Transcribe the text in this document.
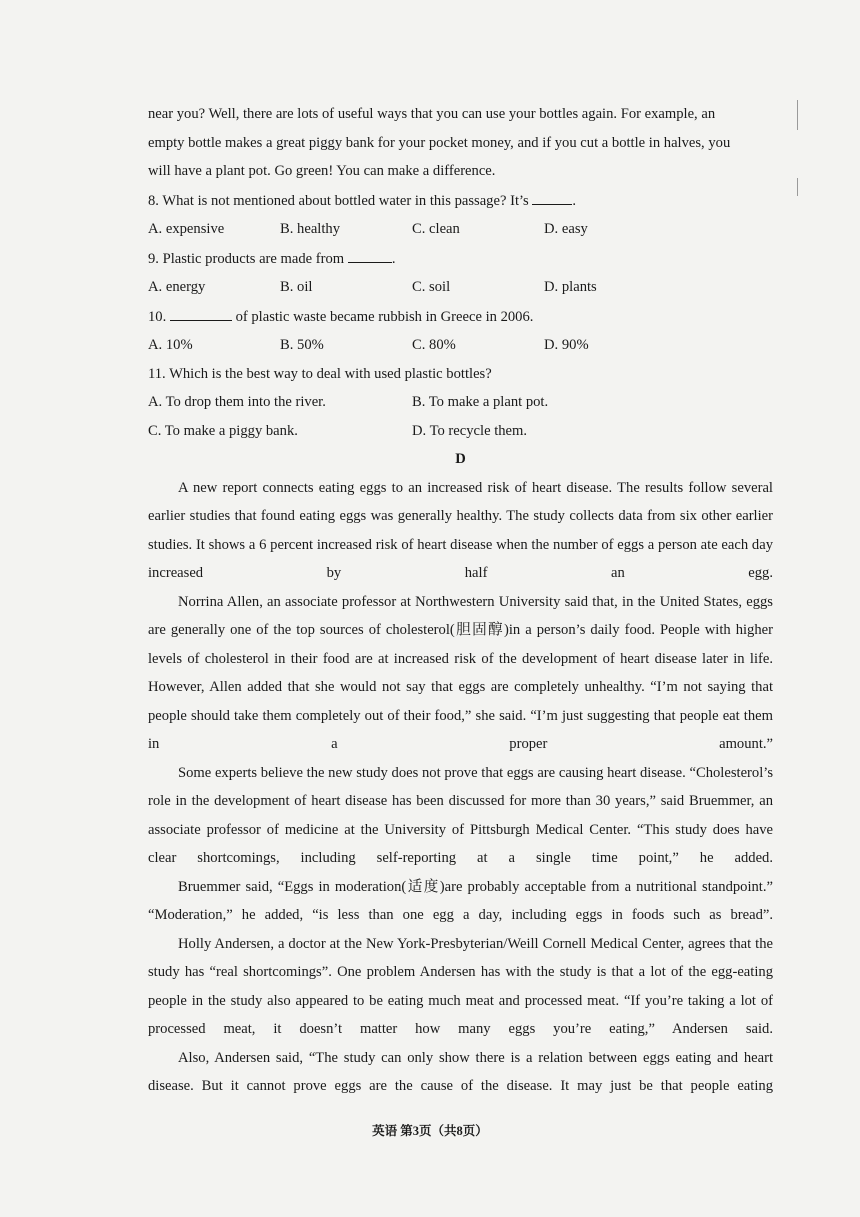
near you? Well, there are lots of useful ways that you can use your bottles again. For example, an
empty bottle makes a great piggy bank for your pocket money, and if you cut a bottle in halves, you
will have a plant pot. Go green! You can make a difference.
8. What is not mentioned about bottled water in this passage? It’s	.
A. expensive	B. healthy	C. clean	D. easy
9. Plastic products are made from	.
A. energy	B. oil	C. soil	D. plants
10.	of plastic waste became rubbish in Greece in 2006.
A. 10%	B. 50%	C. 80%	D. 90%
11. Which is the best way to deal with used plastic bottles?
A. To drop them into the river.	B. To make a plant pot.
C. To make a piggy bank.	D. To recycle them.
D

A new report connects eating eggs to an increased risk of heart disease. The results follow several earlier studies that found eating eggs was generally healthy. The study collects data from six other earlier studies. It shows a 6 percent increased risk of heart disease when the number of eggs a person ate each day increased by half an egg.

Norrina Allen, an associate professor at Northwestern University said that, in the United States, eggs are generally one of the top sources of cholesterol(胆固醇)in a person’s daily food. People with higher levels of cholesterol in their food are at increased risk of the development of heart disease later in life. However, Allen added that she would not say that eggs are completely unhealthy. “I’m not saying that people should take them completely out of their food,” she said. “I’m just suggesting that people eat them in a proper amount.”

Some experts believe the new study does not prove that eggs are causing heart disease. “Cholesterol’s role in the development of heart disease has been discussed for more than 30 years,” said Bruemmer, an associate professor of medicine at the University of Pittsburgh Medical Center. “This study does have clear shortcomings, including self-reporting at a single time point,” he added.

Bruemmer said, “Eggs in moderation(适度)are probably acceptable from a nutritional standpoint.” “Moderation,” he added, “is less than one egg a day, including eggs in foods such as bread”.

Holly Andersen, a doctor at the New York-Presbyterian/Weill Cornell Medical Center, agrees that the study has “real shortcomings”. One problem Andersen has with the study is that a lot of the egg-eating people in the study also appeared to be eating much meat and processed meat. “If you’re taking a lot of processed meat, it doesn’t matter how many eggs you’re eating,” Andersen said.

Also, Andersen said, “The study can only show there is a relation between eggs eating and heart disease. But it cannot prove eggs are the cause of the disease. It may just be that people eating

英语 第3页（共8页）
